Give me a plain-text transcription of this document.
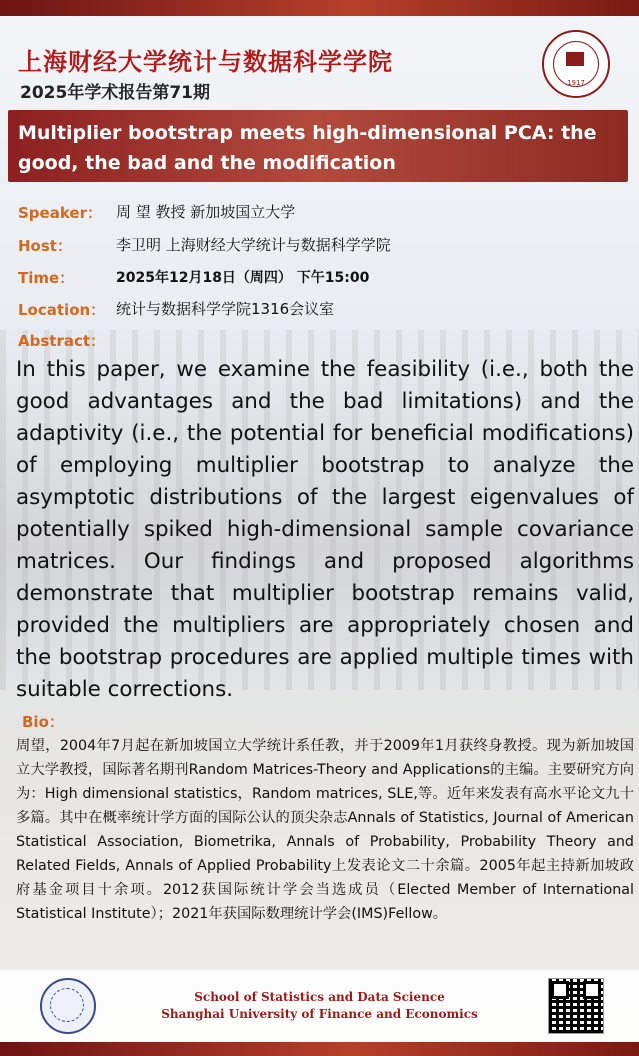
上海财经大学统计与数据科学学院
2025年学术报告第71期	1917
Multiplier bootstrap meets high-dimensional PCA: the good, the bad and the modification
Speaker： 周 望 教授 新加坡国立大学
Host：	李卫明 上海财经大学统计与数据科学学院
Time：	2025年12月18日（周四） 下午15:00
Location： 统计与数据科学学院1316会议室
Abstract：

In this paper, we examine the feasibility (i.e., both the good advantages and the bad limitations) and the adaptivity (i.e., the potential for beneficial modifications) of employing multiplier bootstrap to analyze the asymptotic distributions of the largest eigenvalues of potentially spiked high-dimensional sample covariance matrices. Our findings and proposed algorithms demonstrate that multiplier bootstrap remains valid, provided the multipliers are appropriately chosen and the bootstrap procedures are applied multiple times with suitable corrections.

Bio：

周望，2004年7月起在新加坡国立大学统计系任教，并于2009年1月获终身教授。现为新加坡国立大学教授，国际著名期刊Random Matrices-Theory and Applications的主编。主要研究方向为：High dimensional statistics，Random matrices, SLE,等。近年来发表有高水平论文九十多篇。其中在概率统计学方面的国际公认的顶尖杂志Annals of Statistics, Journal of American Statistical Association, Biometrika, Annals of Probability, Probability Theory and Related Fields, Annals of Applied Probability上发表论文二十余篇。2005年起主持新加坡政府基金项目十余项。2012获国际统计学会当选成员（Elected Member of International Statistical Institute）；2021年获国际数理统计学会(IMS)Fellow。

School of Statistics and Data Science
Shanghai University of Finance and Economics
